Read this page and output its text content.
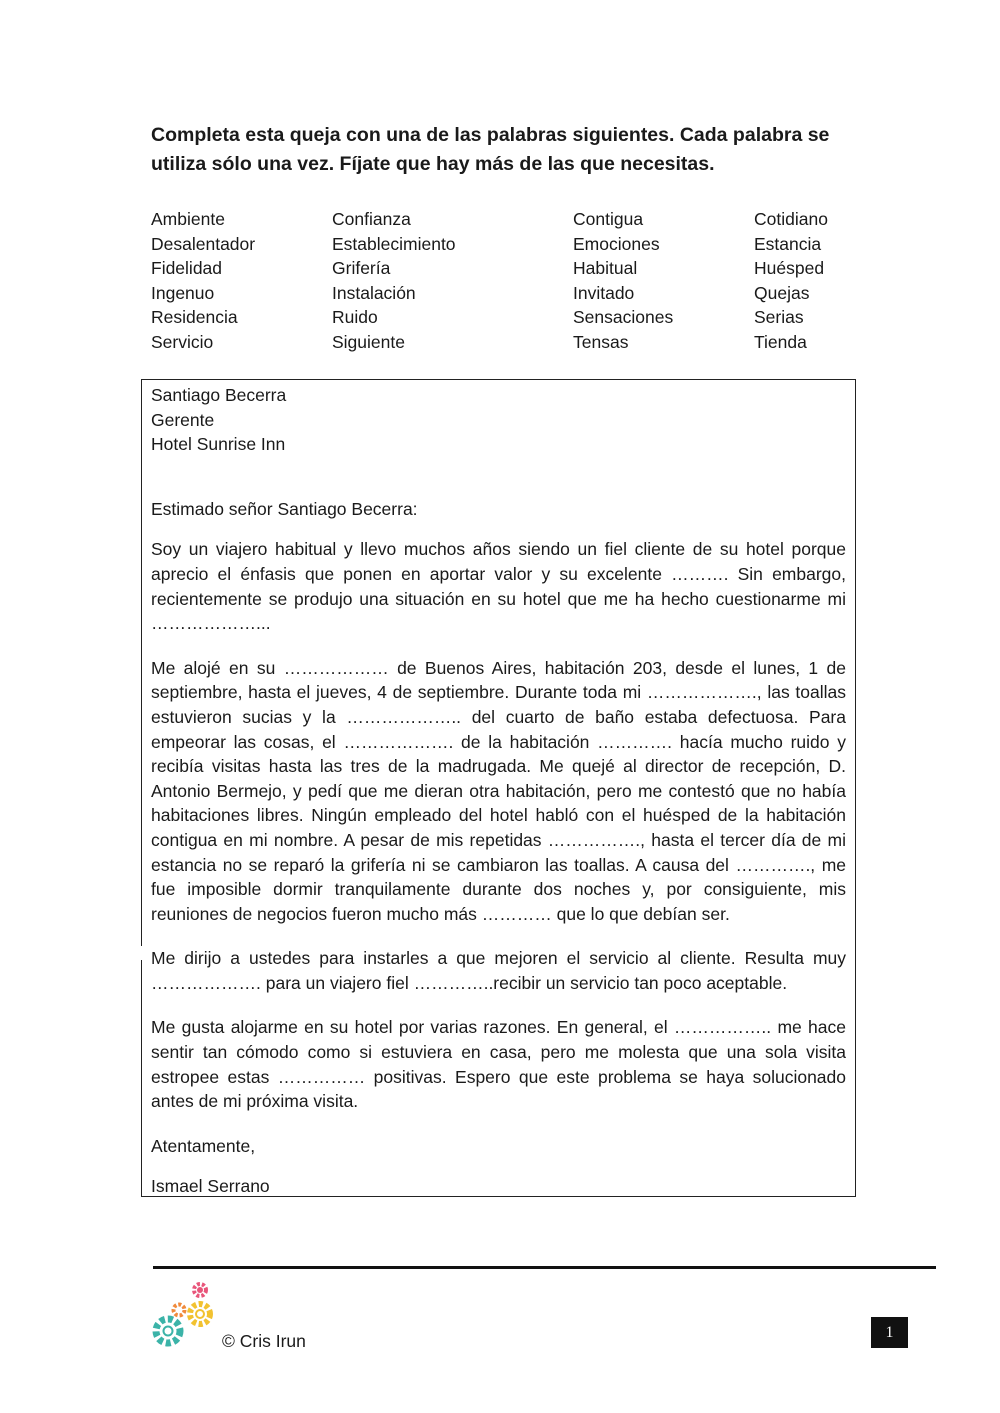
Completa esta queja con una de las palabras siguientes. Cada palabra se utiliza sólo una vez. Fíjate que hay más de las que necesitas.
Ambiente	Confianza	Contigua	Cotidiano
Desalentador	Establecimiento	Emociones	Estancia
Fidelidad	Grifería	Habitual	Huésped
Ingenuo	Instalación	Invitado	Quejas
Residencia	Ruido	Sensaciones	Serias
Servicio	Siguiente	Tensas	Tienda
Santiago Becerra
Gerente
Hotel Sunrise Inn

Estimado señor Santiago Becerra:

Soy un viajero habitual y llevo muchos años siendo un fiel cliente de su hotel porque aprecio el énfasis que ponen en aportar valor y su excelente ………. Sin embargo, recientemente se produjo una situación en su hotel que me ha hecho cuestionarme mi ………………...

Me alojé en su ……………… de Buenos Aires, habitación 203, desde el lunes, 1 de septiembre, hasta el jueves, 4 de septiembre. Durante toda mi ………………., las toallas estuvieron sucias y la ……………….. del cuarto de baño estaba defectuosa. Para empeorar las cosas, el ………………. de la habitación …………. hacía mucho ruido y recibía visitas hasta las tres de la madrugada. Me quejé al director de recepción, D. Antonio Bermejo, y pedí que me dieran otra habitación, pero me contestó que no había habitaciones libres. Ningún empleado del hotel habló con el huésped de la habitación contigua en mi nombre. A pesar de mis repetidas ……………., hasta el tercer día de mi estancia no se reparó la grifería ni se cambiaron las toallas. A causa del …………., me fue imposible dormir tranquilamente durante dos noches y, por consiguiente, mis reuniones de negocios fueron mucho más ………… que lo que debían ser.

Me dirijo a ustedes para instarles a que mejoren el servicio al cliente. Resulta muy ………………. para un viajero fiel …………..recibir un servicio tan poco aceptable.

Me gusta alojarme en su hotel por varias razones. En general, el …………….. me hace sentir tan cómodo como si estuviera en casa, pero me molesta que una sola visita estropee estas …………… positivas. Espero que este problema se haya solucionado antes de mi próxima visita.

Atentamente,

Ismael Serrano

© Cris Irun	1
